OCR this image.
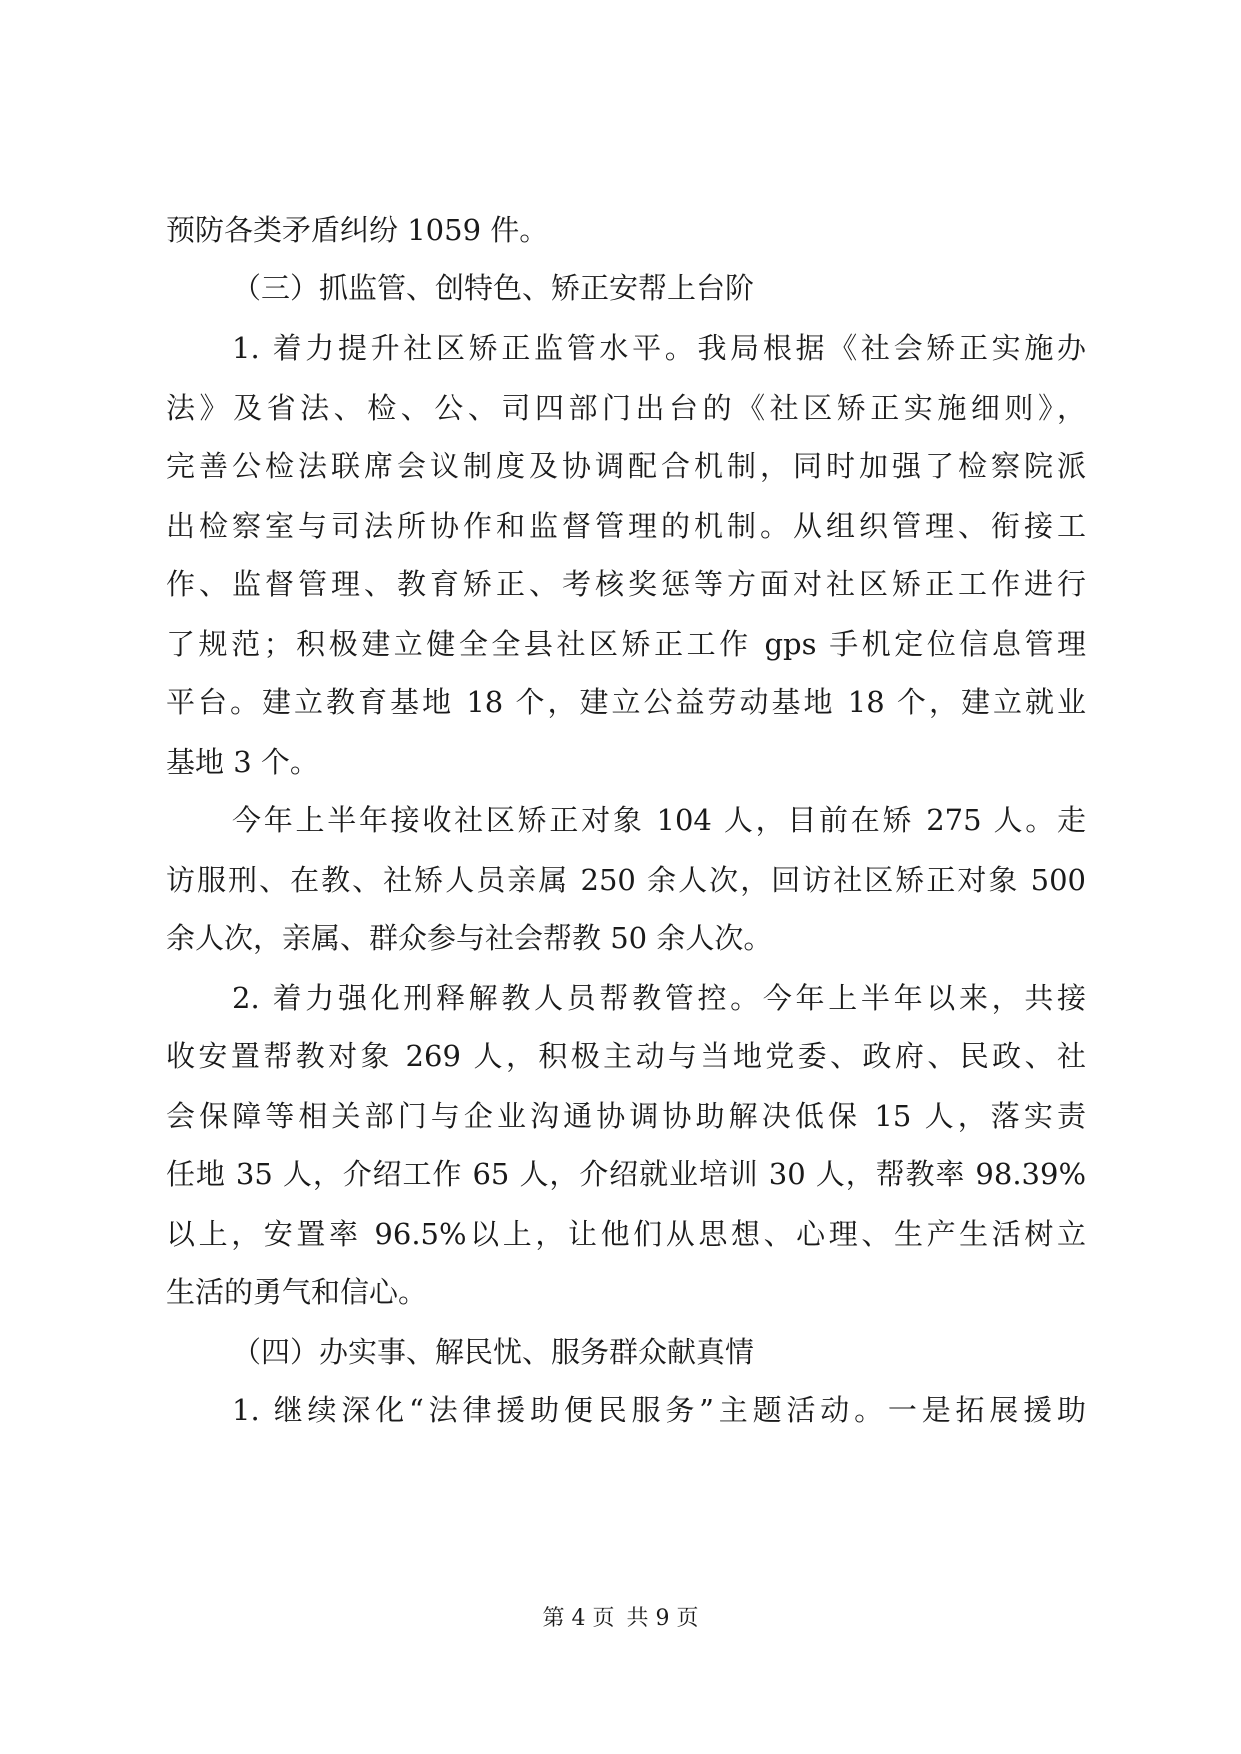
预防各类矛盾纠纷 1059 件。
（三）抓监管、创特色、矫正安帮上台阶
1. 着力提升社区矫正监管水平。我局根据《社会矫正实施办
法》及省法、检、公、司四部门出台的《社区矫正实施细则》，
完善公检法联席会议制度及协调配合机制，同时加强了检察院派
出检察室与司法所协作和监督管理的机制。从组织管理、衔接工
作、监督管理、教育矫正、考核奖惩等方面对社区矫正工作进行
了规范；积极建立健全全县社区矫正工作 gps 手机定位信息管理
平台。建立教育基地 18 个，建立公益劳动基地 18 个，建立就业
基地 3 个。
今年上半年接收社区矫正对象 104 人，目前在矫 275 人。走
访服刑、在教、社矫人员亲属 250 余人次，回访社区矫正对象 500
余人次，亲属、群众参与社会帮教 50 余人次。
2. 着力强化刑释解教人员帮教管控。今年上半年以来，共接
收安置帮教对象 269 人，积极主动与当地党委、政府、民政、社
会保障等相关部门与企业沟通协调协助解决低保 15 人，落实责
任地 35 人，介绍工作 65 人，介绍就业培训 30 人，帮教率 98.39%
以上，安置率 96.5%以上，让他们从思想、心理、生产生活树立
生活的勇气和信心。
（四）办实事、解民忧、服务群众献真情
1. 继续深化“法律援助便民服务”主题活动。一是拓展援助
第 4 页 共 9 页
